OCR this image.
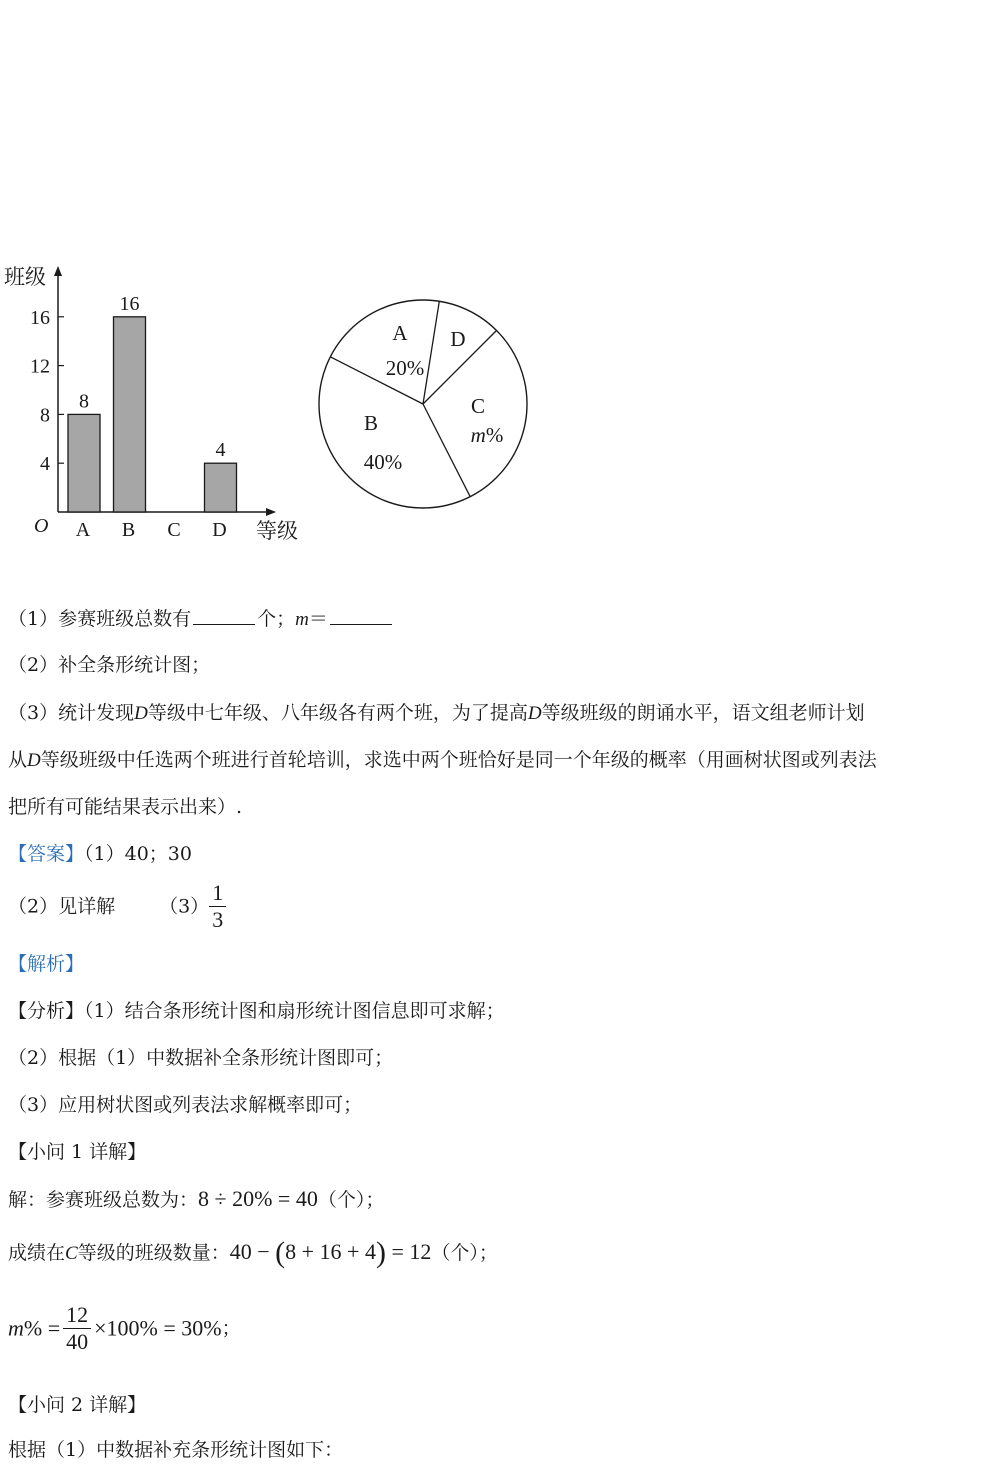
班级
等级
O
4
8
12
16
8
16
4
A B C D
A
20%
D
C
m%
B
40%
（1）参赛班级总数有	个；m＝
（2）补全条形统计图；
（3）统计发现D等级中七年级、八年级各有两个班，为了提高D等级班级的朗诵水平，语文组老师计划
从D等级班级中任选两个班进行首轮培训，求选中两个班恰好是同一个年级的概率（用画树状图或列表法
把所有可能结果表示出来）.
【答案】（1）40；30
（2）见详解 $(3) \frac{1}{3}$
【解析】
【分析】（1）结合条形统计图和扇形统计图信息即可求解；
（2）根据（1）中数据补全条形统计图即可；
（3）应用树状图或列表法求解概率即可；
【小问 1 详解】
解：参赛班级总数为：8 ÷ 20% = 40（个）；
成绩在C等级的班级数量：40 − (8 + 16 + 4) = 12（个）；
$m\% = \frac{12}{40} \times 100\% = 30\%$；
【小问 2 详解】
根据（1）中数据补充条形统计图如下：
